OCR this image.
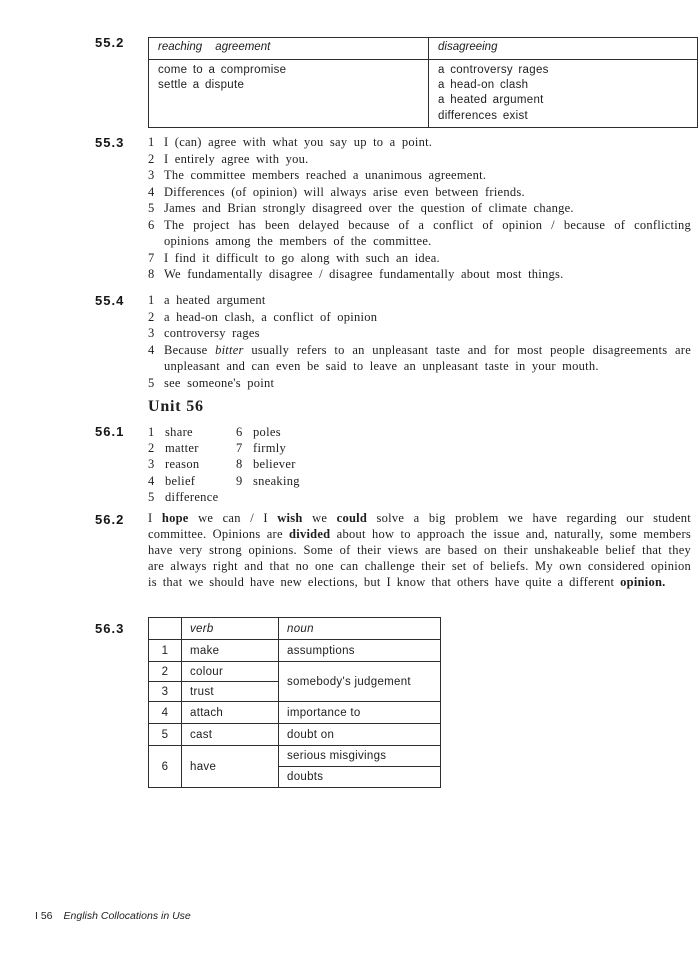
55.2	reaching agreement	disagreeing

come to a compromise
settle a dispute

a controversy rages
a head-on clash
a heated argument
differences exist
55.3 1 I (can) agree with what you say up to a point.
2 I entirely agree with you.
3 The committee members reached a unanimous agreement.
4 Differences (of opinion) will always arise even between friends.
5 James and Brian strongly disagreed over the question of climate change.
6 The project has been delayed because of a conflict of opinion / because of conflicting opinions among the members of the committee.
7 I find it difficult to go along with such an idea.
8 We fundamentally disagree / disagree fundamentally about most things.
55.4 1 a heated argument
2 a head-on clash, a conflict of opinion
3 controversy rages
4 Because bitter usually refers to an unpleasant taste and for most people disagreements are unpleasant and can even be said to leave an unpleasant taste in your mouth.
5 see someone's point
Unit 56
56.1 1 share
2 matter
3 reason
4 belief
5 difference
6 poles
7 firmly
8 believer
9 sneaking
56.2 I hope we can / I wish we could solve a big problem we have regarding our student committee. Opinions are divided about how to approach the issue and, naturally, some members have very strong opinions. Some of their views are based on their unshakeable belief that they are always right and that no one can challenge their set of beliefs. My own considered opinion is that we should have new elections, but I know that others have quite a different opinion.
56.3
		verb	noun
1	make	assumptions
2	colour	somebody's judgement
3	trust	
4	attach	importance to
5	cast	doubt on
6	have	serious misgivings
		doubts
I 56 English Collocations in Use
